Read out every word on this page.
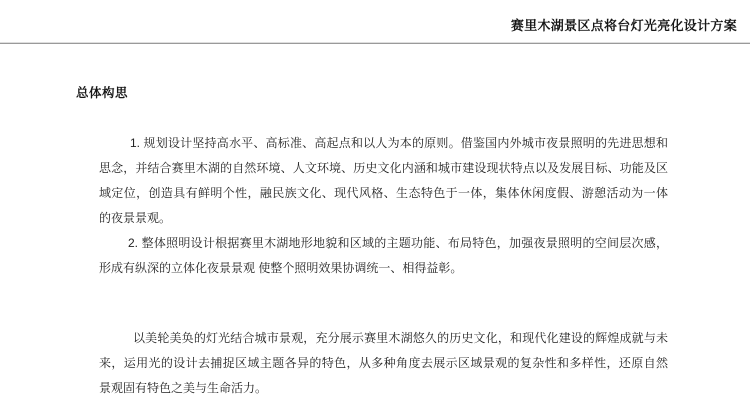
赛里木湖景区点将台灯光亮化设计方案
总体构思
1. 规划设计坚持高水平、高标准、高起点和以人为本的原则。借鉴国内外城市夜景照明的先进思想和
思念，并结合赛里木湖的自然环境、人文环境、历史文化内涵和城市建设现状特点以及发展目标、功能及区
域定位，创造具有鲜明个性，融民族文化、现代风格、生态特色于一体，集体休闲度假、游憩活动为一体
的夜景景观。
2. 整体照明设计根据赛里木湖地形地貌和区域的主题功能、布局特色，加强夜景照明的空间层次感，
形成有纵深的立体化夜景景观 使整个照明效果协调统一、相得益彰。
以美轮美奂的灯光结合城市景观，充分展示赛里木湖悠久的历史文化，和现代化建设的辉煌成就与未
来，运用光的设计去捕捉区域主题各异的特色，从多种角度去展示区域景观的复杂性和多样性，还原自然
景观固有特色之美与生命活力。
